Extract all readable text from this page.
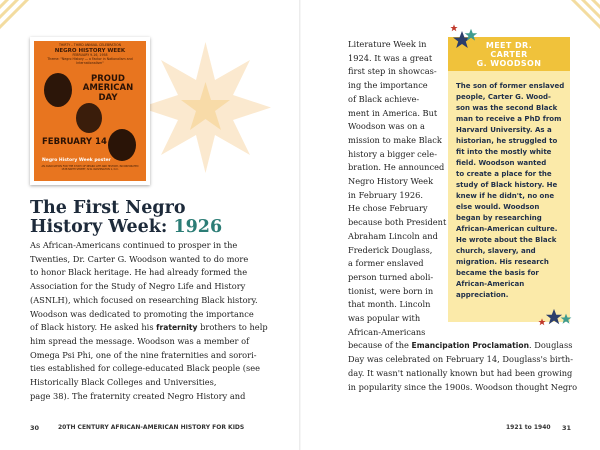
THIRTY – THIRD ANNUAL CELEBRATION
NEGRO HISTORY WEEK
FEBRUARY 9-16, 1958
Theme: "Negro History — a Factor in Nationalism and Internationalism"
PROUD AMERICAN DAY
FEBRUARY 14
Negro History Week poster
AN ASSOCIATION FOR THE STUDY OF NEGRO LIFE AND HISTORY, INCORPORATED 1538 NINTH STREET, N.W. WASHINGTON 1, D.C.
The First Negro
History Week: 1926
As African-Americans continued to prosper in the
Twenties, Dr. Carter G. Woodson wanted to do more
to honor Black heritage. He had already formed the
Association for the Study of Negro Life and History
(ASNLH), which focused on researching Black history.
Woodson was dedicated to promoting the importance
of Black history. He asked his fraternity brothers to help
him spread the message. Woodson was a member of
Omega Psi Phi, one of the nine fraternities and sorori-
ties established for college-educated Black people (see
Historically Black Colleges and Universities,
page 38). The fraternity created Negro History and
Literature Week in
1924. It was a great
first step in showcas-
ing the importance
of Black achieve-
ment in America. But
Woodson was on a
mission to make Black
history a bigger cele-
bration. He announced
Negro History Week
in February 1926.
He chose February
because both President
Abraham Lincoln and
Frederick Douglass,
a former enslaved
person turned aboli-
tionist, were born in
that month. Lincoln
was popular with
African-Americans
because of the Emancipation Proclamation. Douglass
Day was celebrated on February 14, Douglass's birth-
day. It wasn't nationally known but had been growing
in popularity since the 1900s. Woodson thought Negro
MEET DR.
CARTER
G. WOODSON
The son of former enslaved
people, Carter G. Wood-
son was the second Black
man to receive a PhD from
Harvard University. As a
historian, he struggled to
fit into the mostly white
field. Woodson wanted
to create a place for the
study of Black history. He
knew if he didn't, no one
else would. Woodson
began by researching
African-American culture.
He wrote about the Black
church, slavery, and
migration. His research
became the basis for
African-American
appreciation.
30	20TH CENTURY AFRICAN-AMERICAN HISTORY FOR KIDS	1921 to 1940 31
